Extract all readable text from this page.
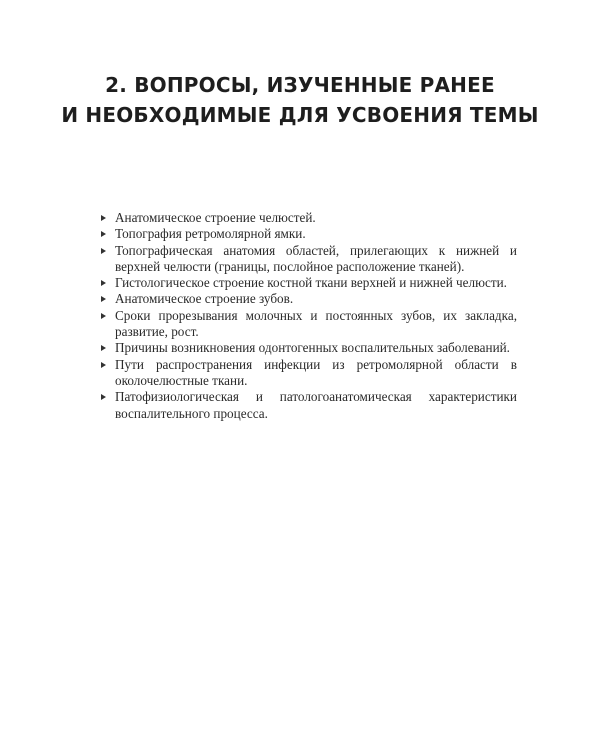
2. ВОПРОСЫ, ИЗУЧЕННЫЕ РАНЕЕ
И НЕОБХОДИМЫЕ ДЛЯ УСВОЕНИЯ ТЕМЫ
Анатомическое строение челюстей.
Топография ретромолярной ямки.
Топографическая анатомия областей, прилегающих к нижней и верхней челюсти (границы, послойное расположение тканей).
Гистологическое строение костной ткани верхней и нижней челюсти.
Анатомическое строение зубов.
Сроки прорезывания молочных и постоянных зубов, их закладка, развитие, рост.
Причины возникновения одонтогенных воспалительных заболеваний.
Пути распространения инфекции из ретромолярной области в околочелюстные ткани.
Патофизиологическая и патологоанатомическая характеристики воспалительного процесса.
